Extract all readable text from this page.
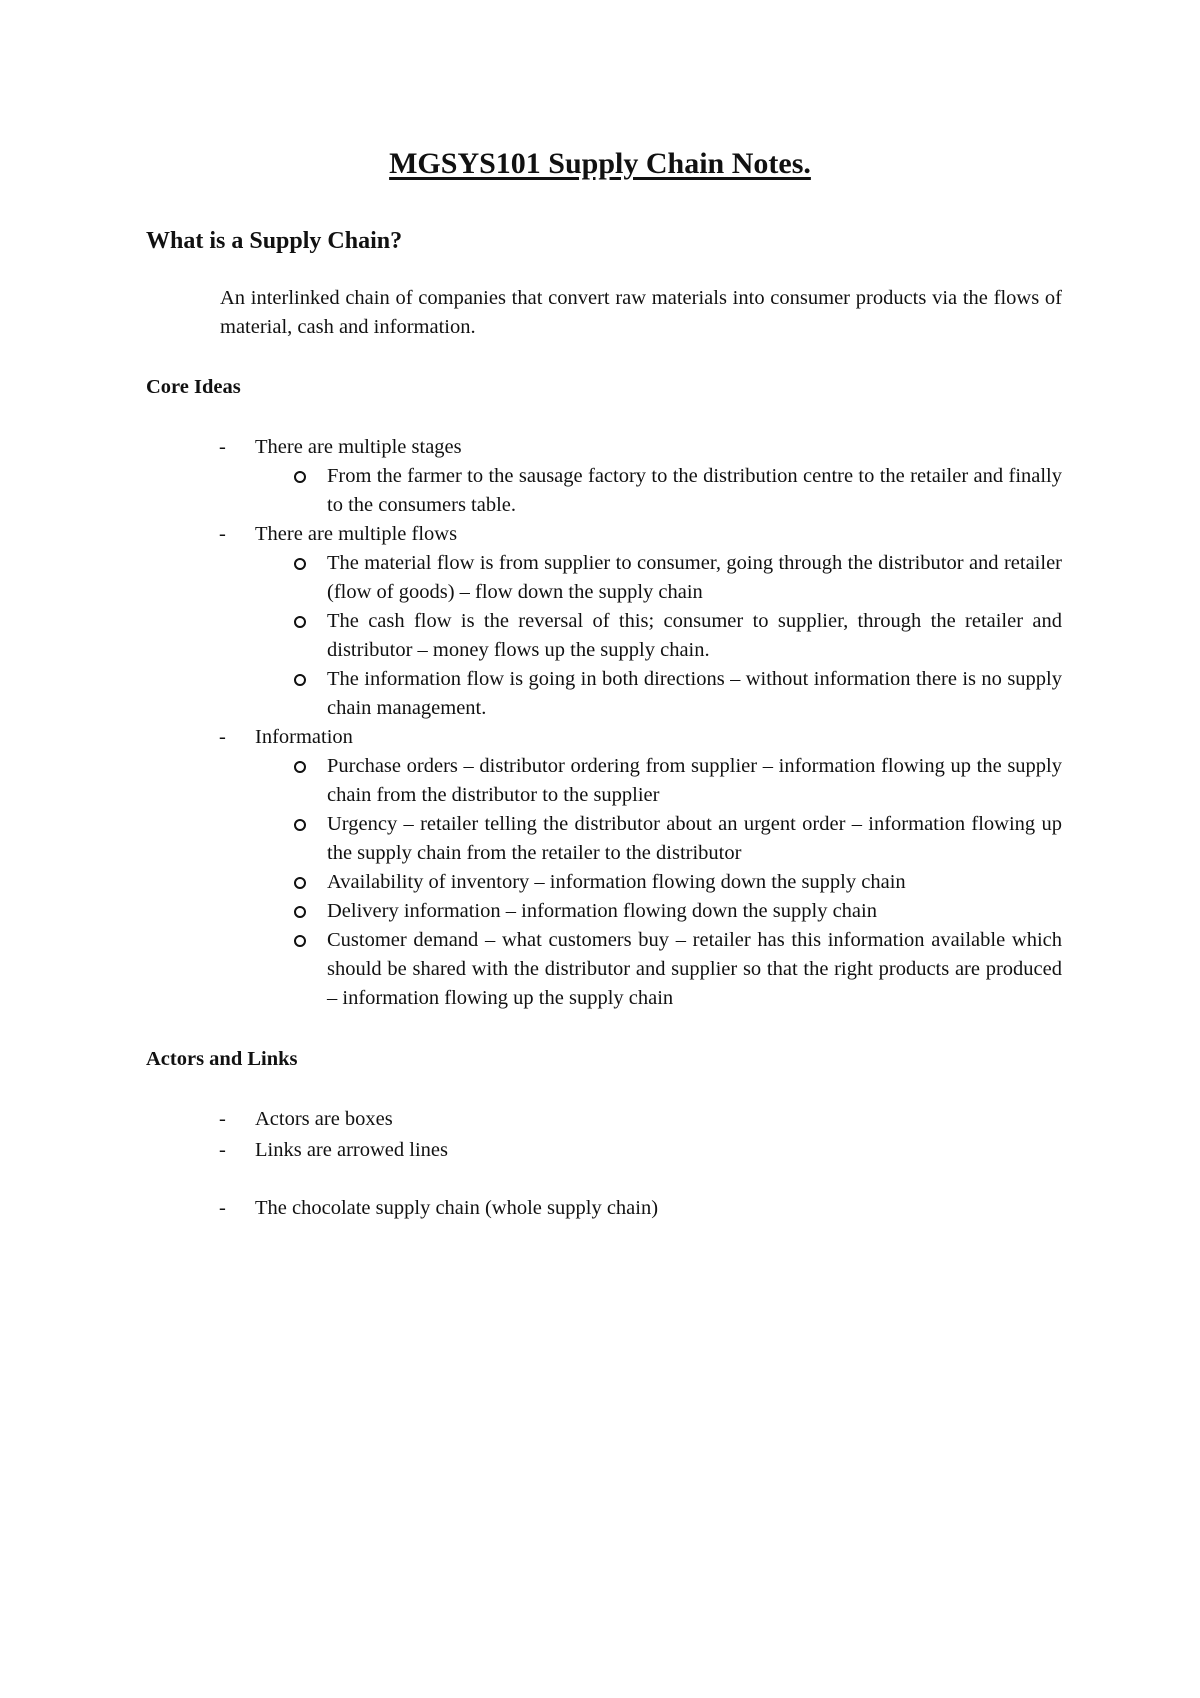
MGSYS101 Supply Chain Notes.
What is a Supply Chain?
An interlinked chain of companies that convert raw materials into consumer products via the flows of material, cash and information.
Core Ideas
- There are multiple stages
From the farmer to the sausage factory to the distribution centre to the retailer and finally to the consumers table.
- There are multiple flows
The material flow is from supplier to consumer, going through the distributor and retailer (flow of goods) – flow down the supply chain
The cash flow is the reversal of this; consumer to supplier, through the retailer and distributor – money flows up the supply chain.
The information flow is going in both directions – without information there is no supply chain management.
- Information
Purchase orders – distributor ordering from supplier – information flowing up the supply chain from the distributor to the supplier
Urgency – retailer telling the distributor about an urgent order – information flowing up the supply chain from the retailer to the distributor
Availability of inventory – information flowing down the supply chain
Delivery information – information flowing down the supply chain
Customer demand – what customers buy – retailer has this information available which should be shared with the distributor and supplier so that the right products are produced – information flowing up the supply chain
Actors and Links
- Actors are boxes
- Links are arrowed lines
- The chocolate supply chain (whole supply chain)
